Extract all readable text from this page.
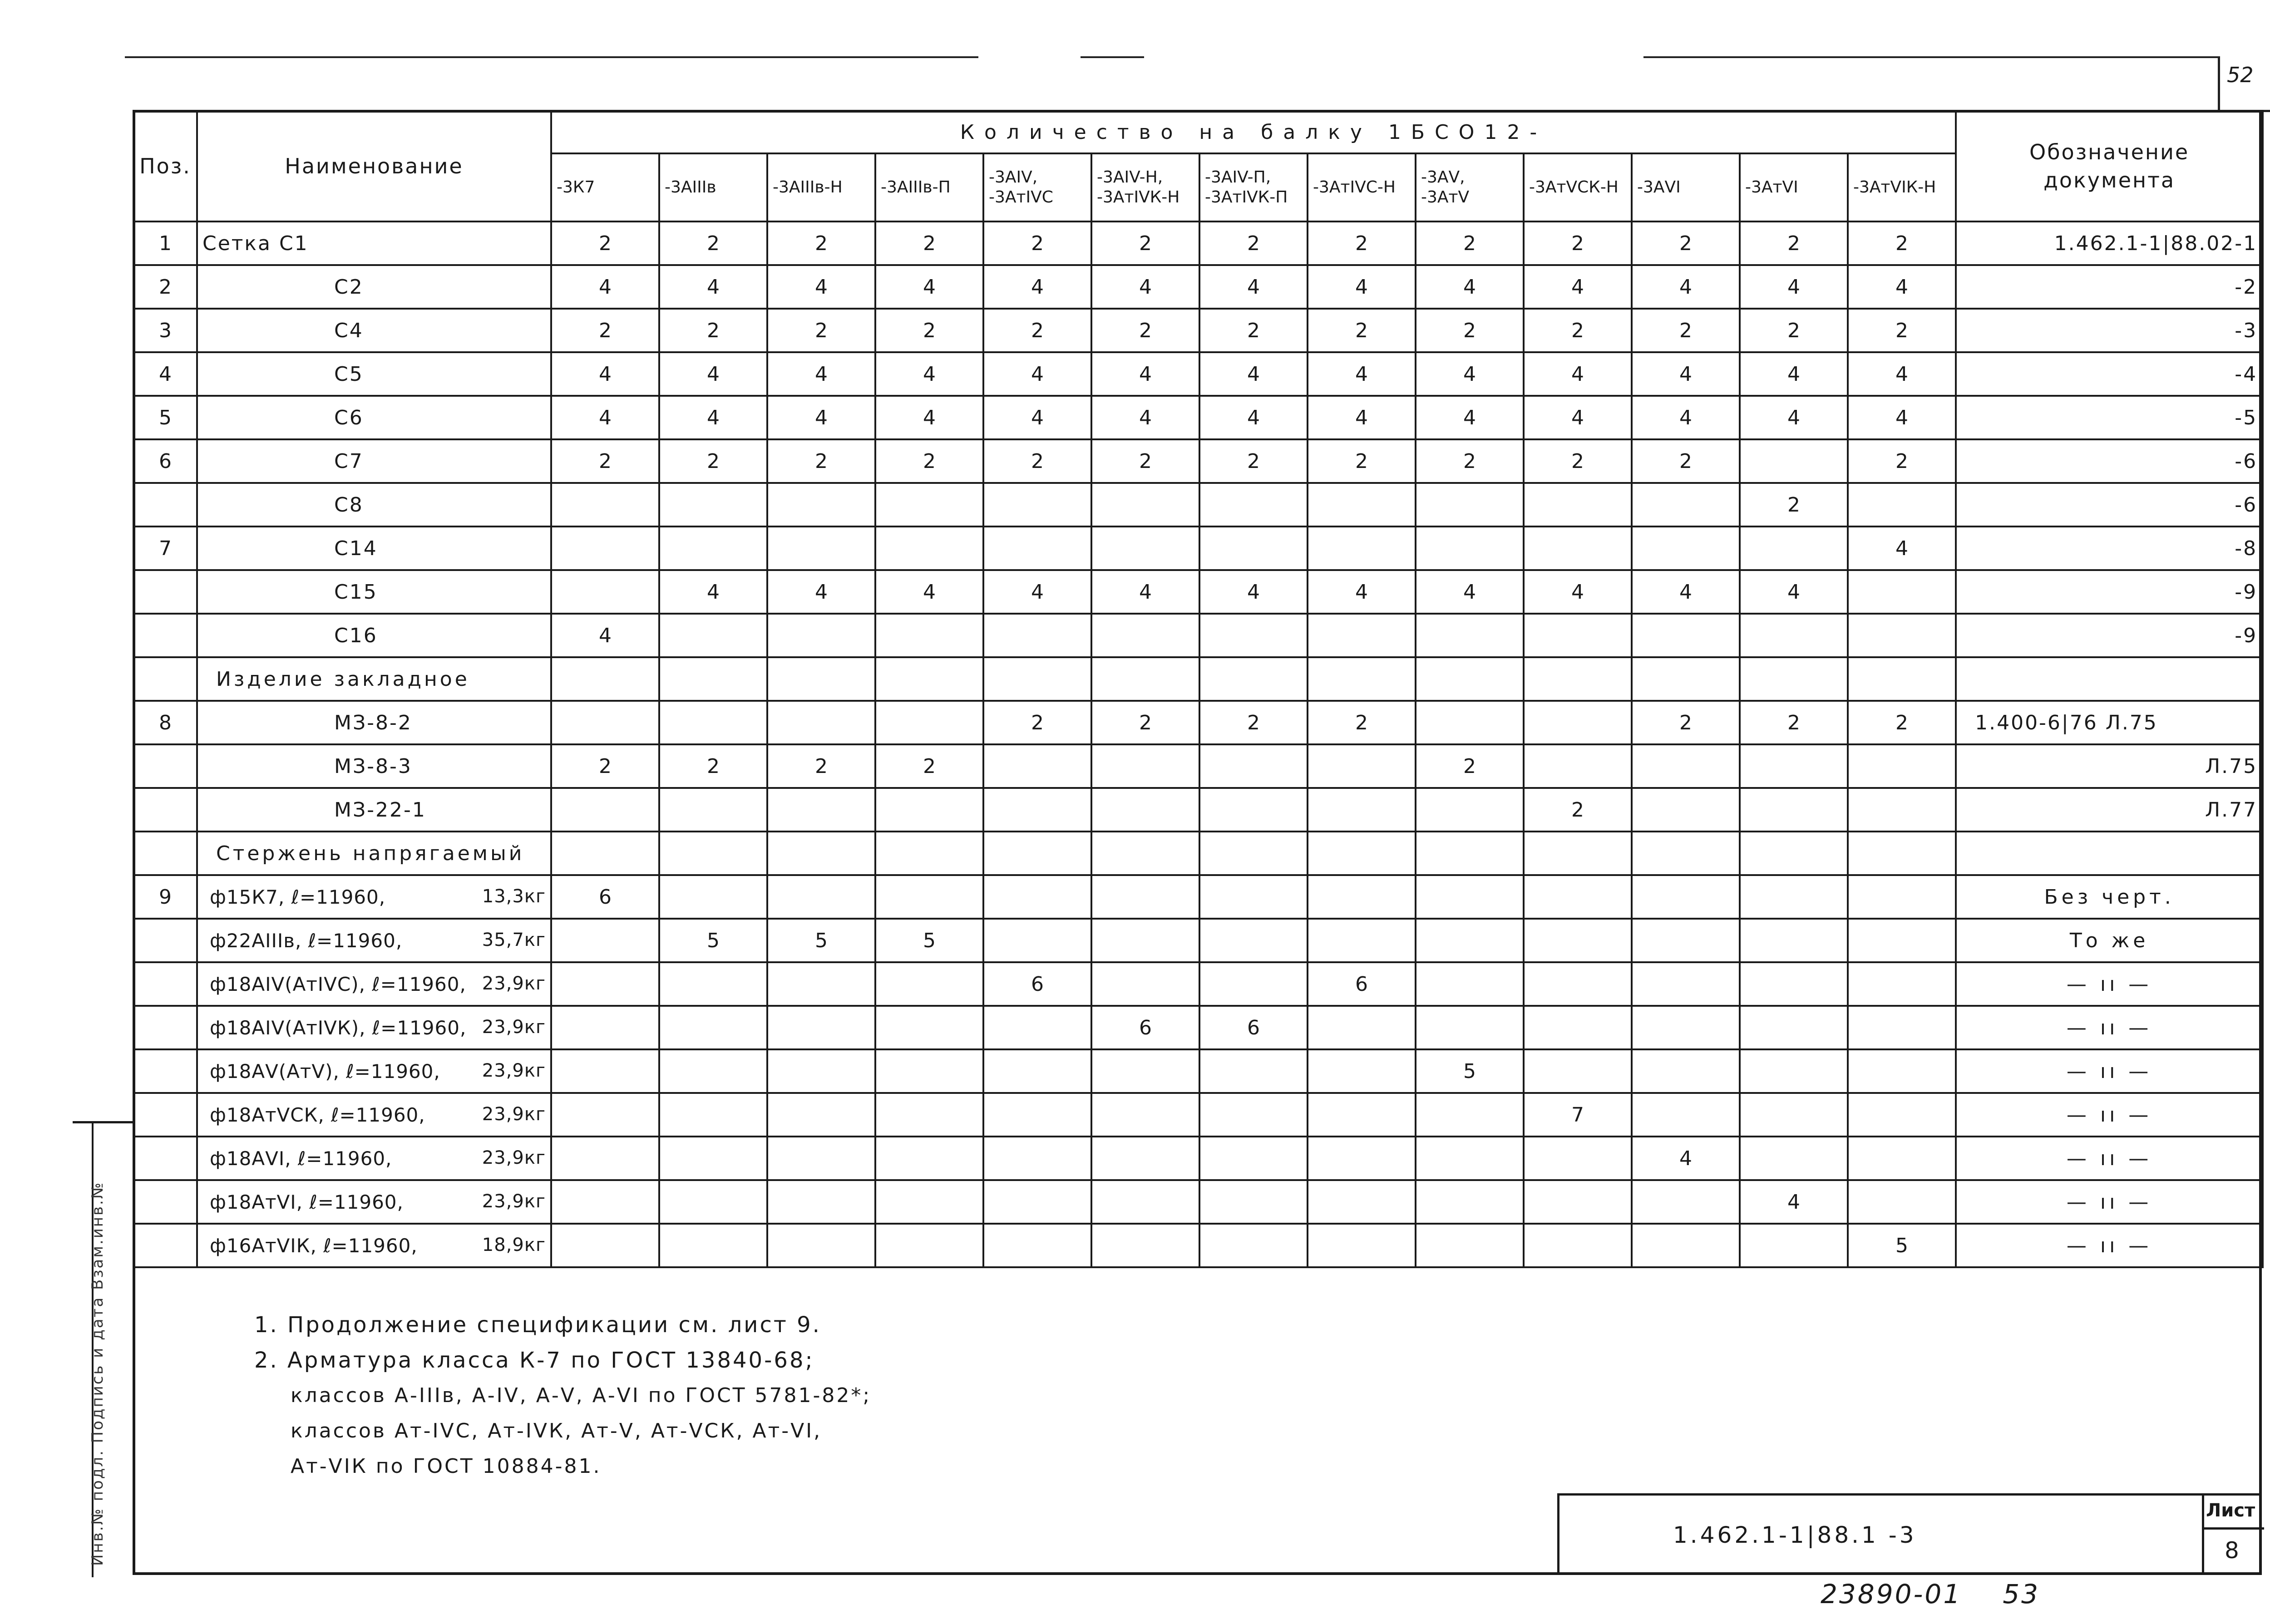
52
Поз.	Наименование	Количество на балку 1БСО12-													Обозначение документа
		-3К7	-3АIIIв	-3АIIIв-Н	-3АIIIв-П	-3АIV, -3АтIVС	-3АIV-Н, -3АтIVК-Н	-3АIV-П, -3АтIVК-П	-3АтIVС-Н	-3АV, -3АтV	-3АтVСК-Н	-3АVI	-3АтVI	-3АтVIК-Н	
1	Сетка С1	2	2	2	2	2	2	2	2	2	2	2	2	2	1.462.1-1|88.02-1
2	С2	4	4	4	4	4	4	4	4	4	4	4	4	4	-2
3	С4	2	2	2	2	2	2	2	2	2	2	2	2	2	-3
4	С5	4	4	4	4	4	4	4	4	4	4	4	4	4	-4
5	С6	4	4	4	4	4	4	4	4	4	4	4	4	4	-5
6	С7	2	2	2	2	2	2	2	2	2	2	2		2	-6
	С8												2		-6
7	С14													4	-8
	С15		4	4	4	4	4	4	4	4	4	4	4		-9
	С16	4													-9
	Изделие закладное														
8	МЗ-8-2					2	2	2	2			2	2	2	1.400-6|76 Л.75
	МЗ-8-3	2	2	2	2					2					Л.75
	МЗ-22-1										2				Л.77
	Стержень напрягаемый														
9	ф15К7, ℓ=11960, 13,3кг	6													Без черт.
	ф22АIIIв, ℓ=11960, 35,7кг		5	5	5										То же
	ф18АIV(АтIVС), ℓ=11960, 23,9кг					6			6						— ıı —
	ф18АIV(АтIVК), ℓ=11960, 23,9кг						6	6							— ıı —
	ф18АV(АтV), ℓ=11960, 23,9кг									5					— ıı —
	ф18АтVСК, ℓ=11960, 23,9кг										7				— ıı —
	ф18АVI, ℓ=11960, 23,9кг											4			— ıı —
	ф18АтVI, ℓ=11960, 23,9кг												4		— ıı —
	ф16АтVIК, ℓ=11960, 18,9кг													5	— ıı —
1. Продолжение спецификации см. лист 9.
2. Арматура класса К-7 по ГОСТ 13840-68;
классов А-IIIв, А-IV, А-V, А-VI по ГОСТ 5781-82*;
классов Ат-IVС, Ат-IVК, Ат-V, Ат-VСК, Ат-VI,
Ат-VIК по ГОСТ 10884-81.
1.462.1-1|88.1 -3
Лист
8
23890-01 53
Инв.№ подл. Подпись и дата Взам.инв.№
